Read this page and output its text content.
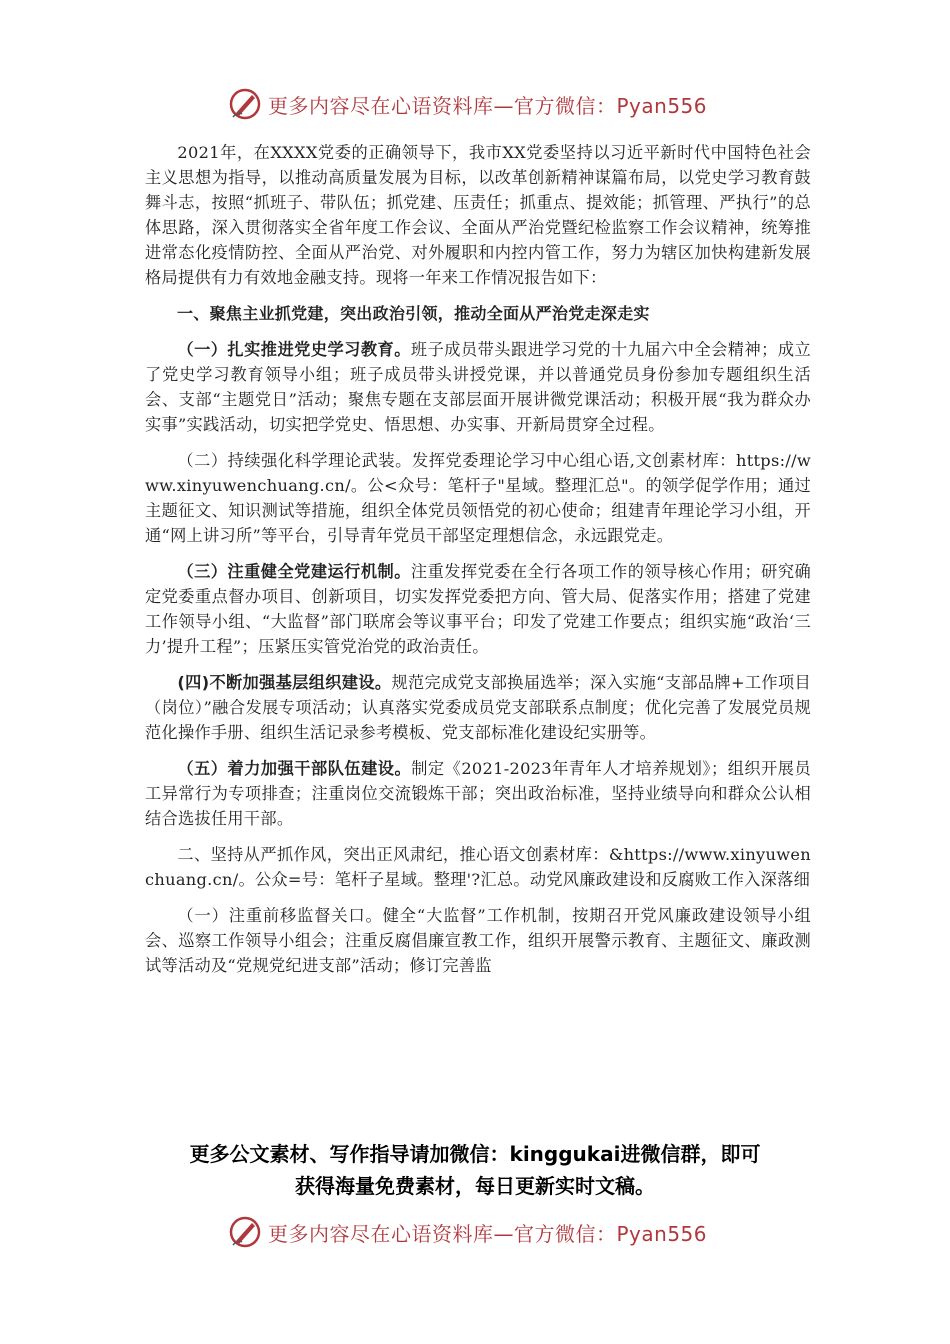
更多内容尽在心语资料库—官方微信：Pyan556

2021年，在XXXX党委的正确领导下，我市XX党委坚持以习近平新时代中国特色社会主义思想为指导，以推动高质量发展为目标，以改革创新精神谋篇布局，以党史学习教育鼓舞斗志，按照“抓班子、带队伍；抓党建、压责任；抓重点、提效能；抓管理、严执行”的总体思路，深入贯彻落实全省年度工作会议、全面从严治党暨纪检监察工作会议精神，统筹推进常态化疫情防控、全面从严治党、对外履职和内控内管工作，努力为辖区加快构建新发展格局提供有力有效地金融支持。现将一年来工作情况报告如下：

一、聚焦主业抓党建，突出政治引领，推动全面从严治党走深走实

（一）扎实推进党史学习教育。班子成员带头跟进学习党的十九届六中全会精神；成立了党史学习教育领导小组；班子成员带头讲授党课，并以普通党员身份参加专题组织生活会、支部“主题党日”活动；聚焦专题在支部层面开展讲微党课活动；积极开展“我为群众办实事”实践活动，切实把学党史、悟思想、办实事、开新局贯穿全过程。

（二）持续强化科学理论武装。发挥党委理论学习中心组心语,文创素材库：https://www.xinyuwenchuang.cn/。公<众号：笔杆子"星域。整理汇总"。的领学促学作用；通过主题征文、知识测试等措施，组织全体党员领悟党的初心使命；组建青年理论学习小组，开通“网上讲习所”等平台，引导青年党员干部坚定理想信念，永远跟党走。

（三）注重健全党建运行机制。注重发挥党委在全行各项工作的领导核心作用；研究确定党委重点督办项目、创新项目，切实发挥党委把方向、管大局、促落实作用；搭建了党建工作领导小组、“大监督”部门联席会等议事平台；印发了党建工作要点；组织实施“政治‘三力’提升工程”；压紧压实管党治党的政治责任。

(四)不断加强基层组织建设。规范完成党支部换届选举；深入实施“支部品牌+工作项目（岗位）”融合发展专项活动；认真落实党委成员党支部联系点制度；优化完善了发展党员规范化操作手册、组织生活记录参考模板、党支部标准化建设纪实册等。

（五）着力加强干部队伍建设。制定《2021-2023年青年人才培养规划》；组织开展员工异常行为专项排查；注重岗位交流锻炼干部；突出政治标准，坚持业绩导向和群众公认相结合选拔任用干部。

二、坚持从严抓作风，突出正风肃纪，推心语文创素材库：&https://www.xinyuwenchuang.cn/。公众=号：笔杆子星域。整理'?汇总。动党风廉政建设和反腐败工作入深落细

（一）注重前移监督关口。健全“大监督”工作机制，按期召开党风廉政建设领导小组会、巡察工作领导小组会；注重反腐倡廉宣教工作，组织开展警示教育、主题征文、廉政测试等活动及“党规党纪进支部”活动；修订完善监

更多公文素材、写作指导请加微信：kinggukai进微信群，即可
获得海量免费素材，每日更新实时文稿。
更多内容尽在心语资料库—官方微信：Pyan556
